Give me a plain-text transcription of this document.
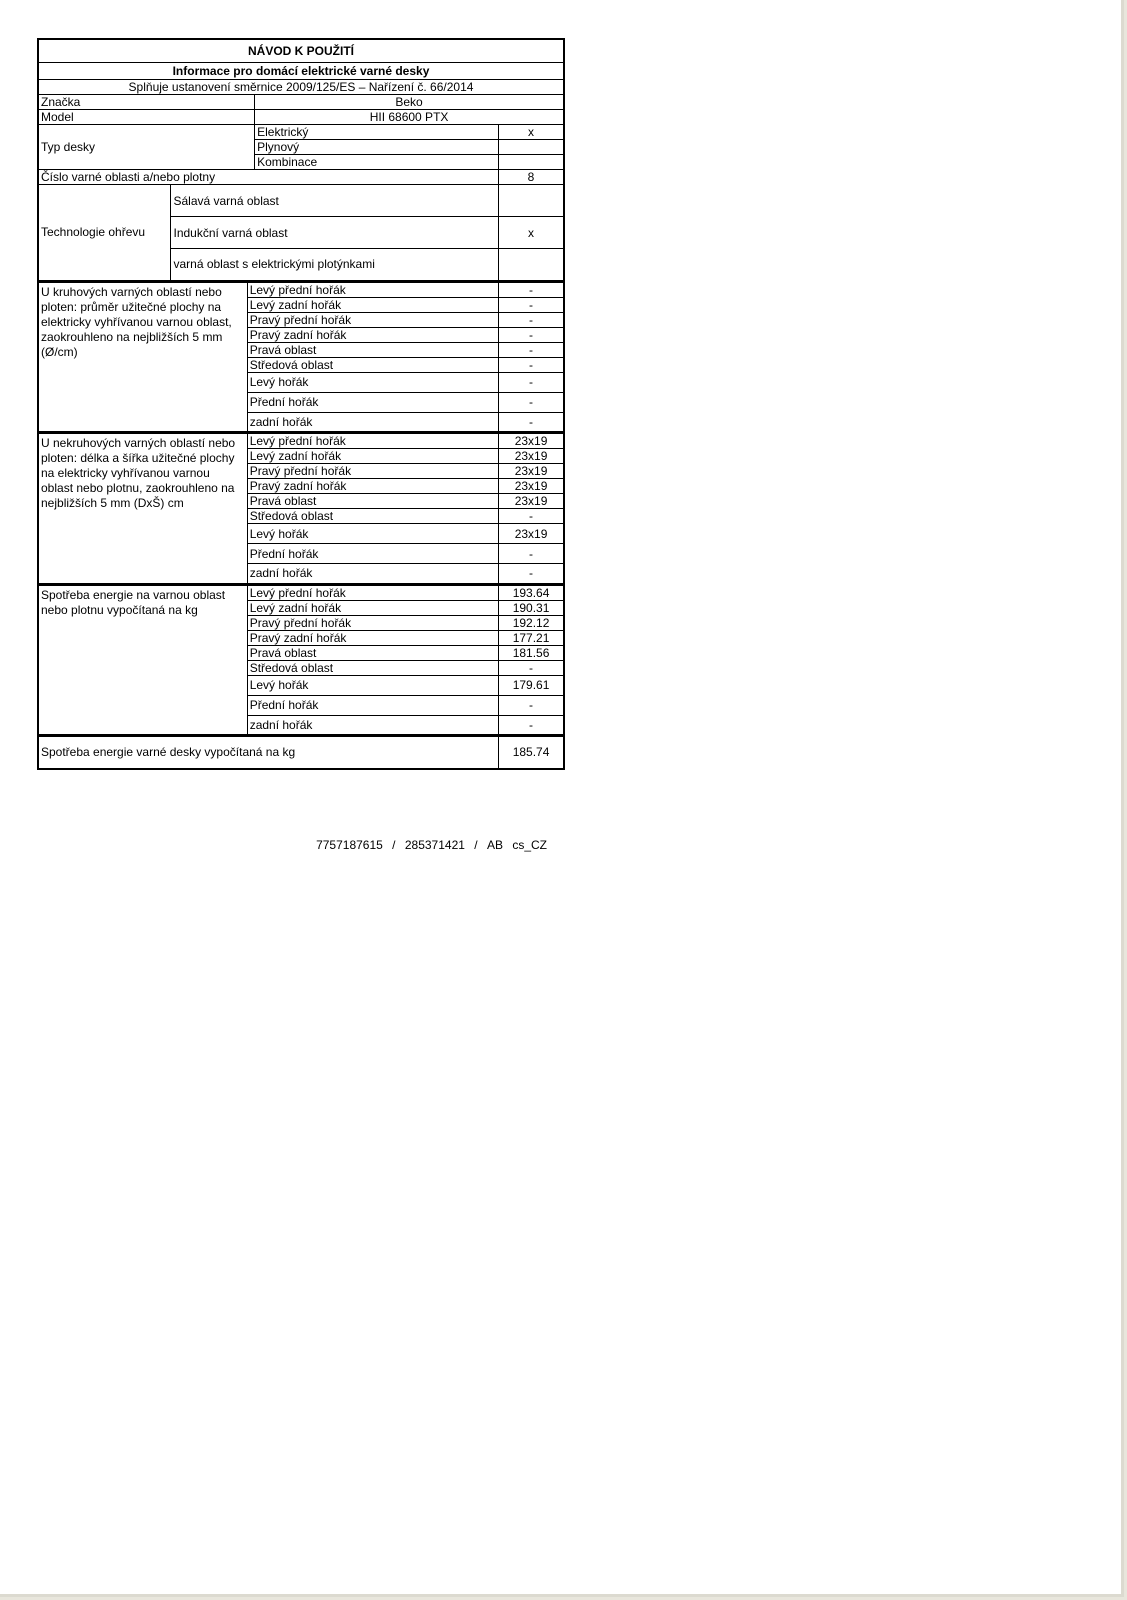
NÁVOD K POUŽITÍ			
Informace pro domácí elektrické varné desky			
Splňuje ustanovení směrnice 2009/125/ES – Nařízení č. 66/2014			
Značka		Beko	
Model		HII 68600 PTX	
Typ desky		Elektrický	x
		Plynový	
		Kombinace	
Číslo varné oblasti a/nebo plotny			8
Technologie ohřevu	Sálavá varná oblast		
	Indukční varná oblast		x
	varná oblast s elektrickými plotýnkami		
U kruhových varných oblastí nebo ploten: průměr užitečné plochy na elektricky vyhřívanou varnou oblast, zaokrouhleno na nejbližších 5 mm (Ø/cm)	Levý přední hořák	-
	Levý zadní hořák	-
	Pravý přední hořák	-
	Pravý zadní hořák	-
	Pravá oblast	-
	Středová oblast	-
	Levý hořák	-
	Přední hořák	-
	zadní hořák	-
U nekruhových varných oblastí nebo ploten: délka a šířka užitečné plochy na elektricky vyhřívanou varnou oblast nebo plotnu, zaokrouhleno na nejbližších 5 mm (DxŠ) cm	Levý přední hořák	23x19
	Levý zadní hořák	23x19
	Pravý přední hořák	23x19
	Pravý zadní hořák	23x19
	Pravá oblast	23x19
	Středová oblast	-
	Levý hořák	23x19
	Přední hořák	-
	zadní hořák	-
Spotřeba energie na varnou oblast nebo plotnu vypočítaná na kg	Levý přední hořák	193.64
	Levý zadní hořák	190.31
	Pravý přední hořák	192.12
	Pravý zadní hořák	177.21
	Pravá oblast	181.56
	Středová oblast	-
	Levý hořák	179.61
	Přední hořák	-
	zadní hořák	-
Spotřeba energie varné desky vypočítaná na kg	185.74
7757187615 / 285371421 / AB cs_CZ
